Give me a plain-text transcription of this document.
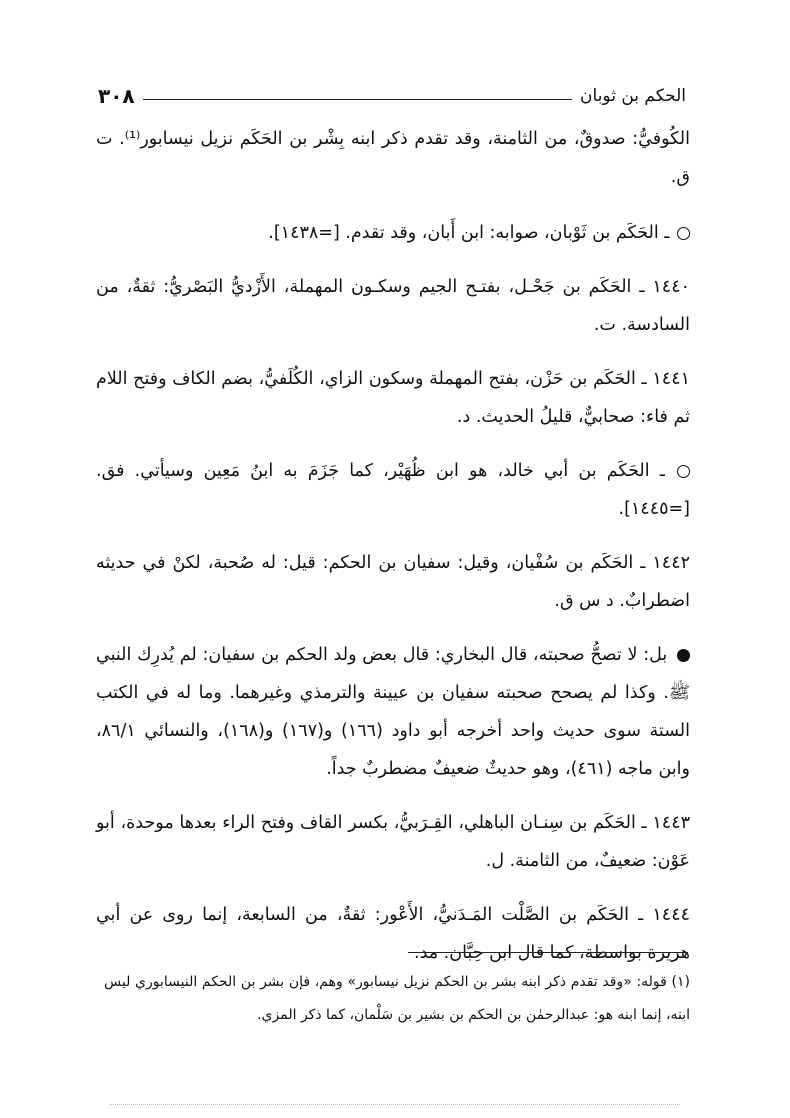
الحكم بن ثوبان
٣٠٨

الكُوفيُّ: صدوقٌ، من الثامنة، وقد تقدم ذكر ابنه بِشْر بن الحَكَم نزيل نيسابور⁽¹⁾. ت ق.

ـ الحَكَم بن ثَوْبان، صوابه: ابن أَبان، وقد تقدم. [=١٤٣٨].

١٤٤٠ ـ الحَكَم بن جَحْـل، بفتـح الجيم وسكـون المهملة، الأَزْديُّ البَصْريُّ: ثقةٌ، من السادسة. ت.

١٤٤١ ـ الحَكَم بن حَزْن، بفتح المهملة وسكون الزاي، الكُلَفيُّ، بضم الكاف وفتح اللام ثم فاء: صحابيٌّ، قليلُ الحديث. د.

ـ الحَكَم بن أبي خالد، هو ابن ظُهَيْر، كما جَزَمَ به ابنُ مَعِين وسيأتي. فق. [=١٤٤٥].

١٤٤٢ ـ الحَكَم بن سُفْيان، وقيل: سفيان بن الحكم: قيل: له صُحبة، لكنْ في حديثه اضطرابٌ. د س ق.

بل: لا تصحُّ صحبته، قال البخاري: قال بعض ولد الحكم بن سفيان: لم يُدرِك النبي ﷺ. وكذا لم يصحح صحبته سفيان بن عيينة والترمذي وغيرهما. وما له في الكتب الستة سوى حديث واحد أخرجه أبو داود (١٦٦) و(١٦٧) و(١٦٨)، والنسائي ٨٦/١، وابن ماجه (٤٦١)، وهو حديثٌ ضعيفٌ مضطربٌ جداً.

١٤٤٣ ـ الحَكَم بن سِنـان الباهلي، القِـرَبيُّ، بكسر القاف وفتح الراء بعدها موحدة، أبو عَوْن: ضعيفٌ، من الثامنة. ل.

١٤٤٤ ـ الحَكَم بن الصَّلْت المَـدَنيُّ، الأَعْور: ثقةٌ، من السابعة، إنما روى عن أبي هريرة بواسطة، كما قال ابن حِبَّان. مد.

(١) قوله: «وقد تقدم ذكر ابنه بشر بن الحكم نزيل نيسابور» وهم، فإن بشر بن الحكم النيسابوري ليس ابنه، إنما ابنه هو: عبدالرحمٰن بن الحكم بن بشير بن سَلْمان، كما ذكر المزي.
